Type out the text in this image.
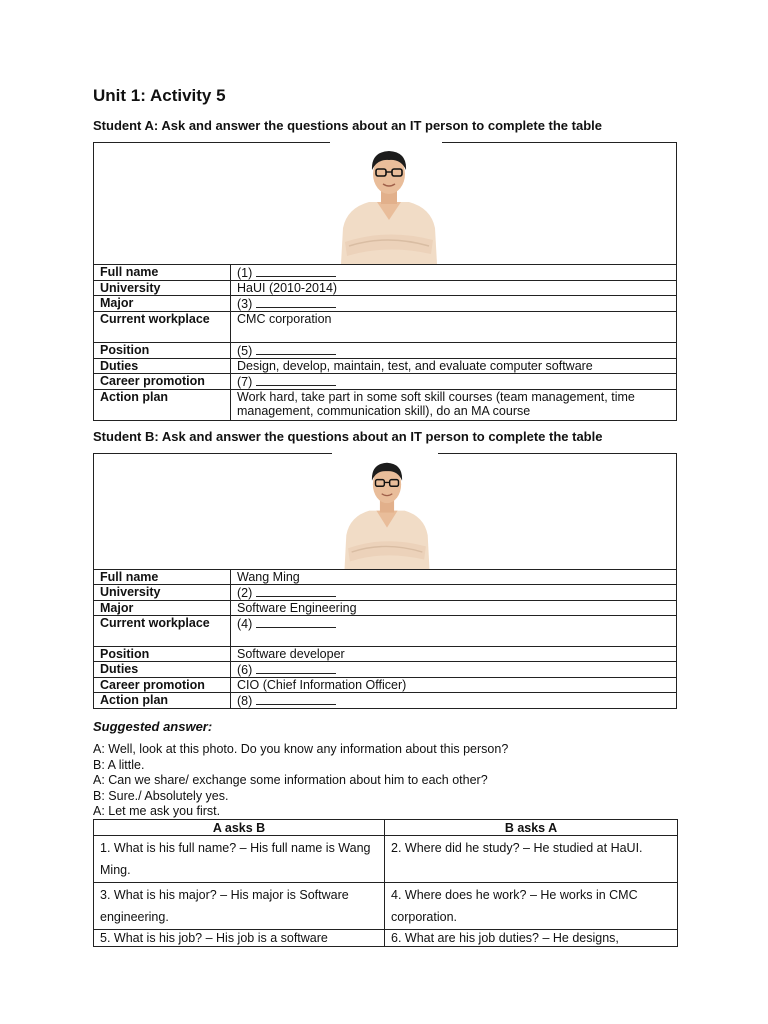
Unit 1: Activity 5
Student A: Ask and answer the questions about an IT person to complete the table
Full name	(1)
University	HaUI (2010-2014)
Major	(3)
Current workplace	CMC corporation
Position	(5)
Duties	Design, develop, maintain, test, and evaluate computer software
Career promotion	(7)
Action plan	Work hard, take part in some soft skill courses (team management, time management, communication skill), do an MA course
Student B: Ask and answer the questions about an IT person to complete the table
Full name	Wang Ming
University	(2)
Major	Software Engineering
Current workplace	(4)
Position	Software developer
Duties	(6)
Career promotion	CIO (Chief Information Officer)
Action plan	(8)
Suggested answer:
A: Well, look at this photo. Do you know any information about this person?
B: A little.
A: Can we share/ exchange some information about him to each other?
B: Sure./ Absolutely yes.
A: Let me ask you first.
A asks B	B asks A
1. What is his full name? – His full name is Wang Ming.	2. Where did he study? – He studied at HaUI.
3. What is his major? – His major is Software engineering.	4. Where does he work? – He works in CMC corporation.
5. What is his job? – His job is a software	6. What are his job duties? – He designs,
